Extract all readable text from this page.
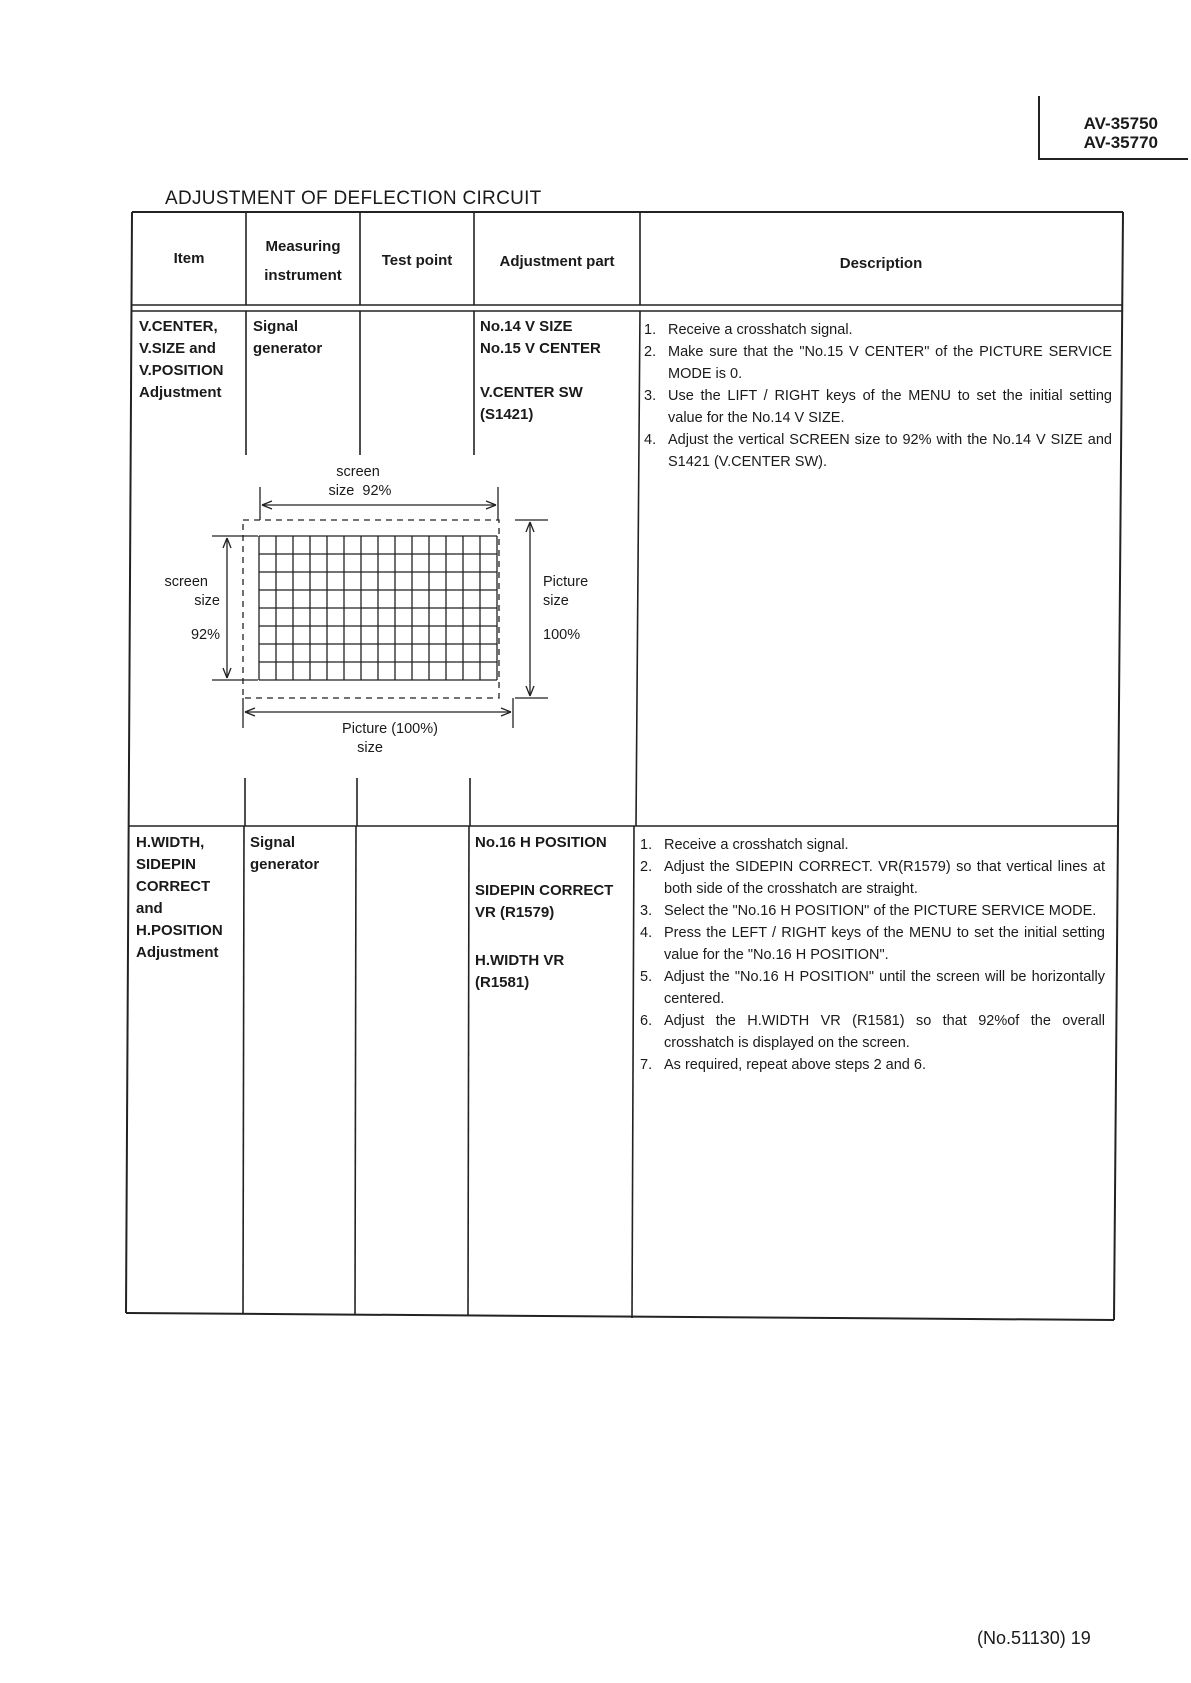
AV-35750
AV-35770
ADJUSTMENT OF DEFLECTION CIRCUIT
Item
Measuring
instrument
Test point	Adjustment part	Description
V.CENTER,
V.SIZE and
V.POSITION
Adjustment
Signal
generator
No.14 V SIZE
No.15 V CENTER
V.CENTER SW
(S1421)
1. Receive a crosshatch signal.
2. Make sure that the "No.15 V CENTER" of the PICTURE SERVICE MODE is 0.
3. Use the LIFT / RIGHT keys of the MENU to set the initial setting value for the No.14 V SIZE.
4. Adjust the vertical SCREEN size to 92% with the No.14 V SIZE and S1421 (V.CENTER SW).
screen
size 92%
screen
size
92%
Picture
size
100%
Picture (100%)
size
H.WIDTH,
SIDEPIN
CORRECT
and
H.POSITION
Adjustment
Signal
generator
No.16 H POSITION
SIDEPIN CORRECT
VR (R1579)
H.WIDTH VR
(R1581)
1. Receive a crosshatch signal.
2. Adjust the SIDEPIN CORRECT. VR(R1579) so that vertical lines at both side of the crosshatch are straight.
3. Select the "No.16 H POSITION" of the PICTURE SERVICE MODE.
4. Press the LEFT / RIGHT keys of the MENU to set the initial setting value for the "No.16 H POSITION".
5. Adjust the "No.16 H POSITION" until the screen will be horizontally centered.
6. Adjust the H.WIDTH VR (R1581) so that 92%of the overall crosshatch is displayed on the screen.
7. As required, repeat above steps 2 and 6.
(No.51130) 19
